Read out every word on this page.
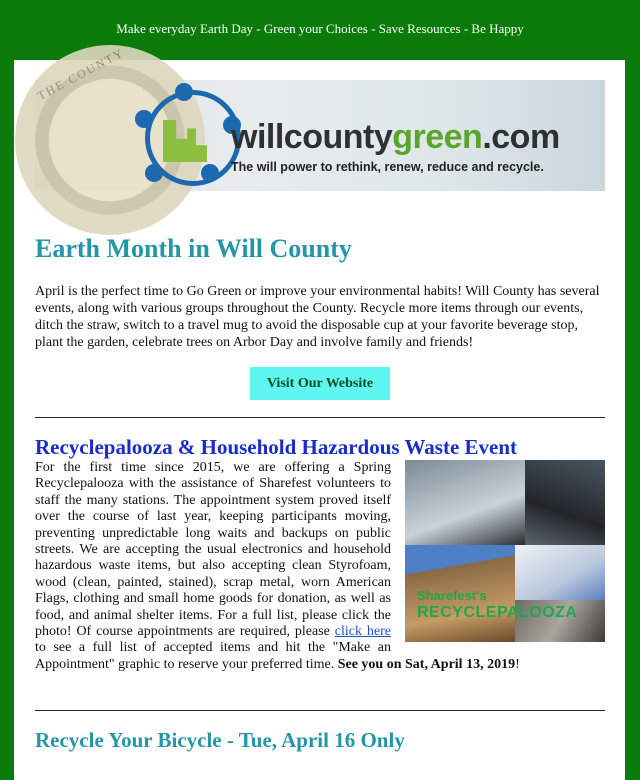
Make everyday Earth Day - Green your Choices - Save Resources - Be Happy
THE COUNTY
willcountygreen.com
The will power to rethink, renew, reduce and recycle.
Earth Month in Will County

April is the perfect time to Go Green or improve your environmental habits! Will County has several events, along with various groups throughout the County. Recycle more items through our events, ditch the straw, switch to a travel mug to avoid the disposable cup at your favorite beverage stop, plant the garden, celebrate trees on Arbor Day and involve family and friends!

Visit Our Website
Recyclepalooza & Household Hazardous Waste Event
Sharefest's
RECYCLEPALOOZA

For the first time since 2015, we are offering a Spring Recyclepalooza with the assistance of Sharefest volunteers to staff the many stations. The appointment system proved itself over the course of last year, keeping participants moving, preventing unpredictable long waits and backups on public streets. We are accepting the usual electronics and household hazardous waste items, but also accepting clean Styrofoam, wood (clean, painted, stained), scrap metal, worn American Flags, clothing and small home goods for donation, as well as food, and animal shelter items. For a full list, please click the photo! Of course appointments are required, please click here to see a full list of accepted items and hit the "Make an Appointment" graphic to reserve your preferred time. See you on Sat, April 13, 2019!

Recycle Your Bicycle - Tue, April 16 Only
